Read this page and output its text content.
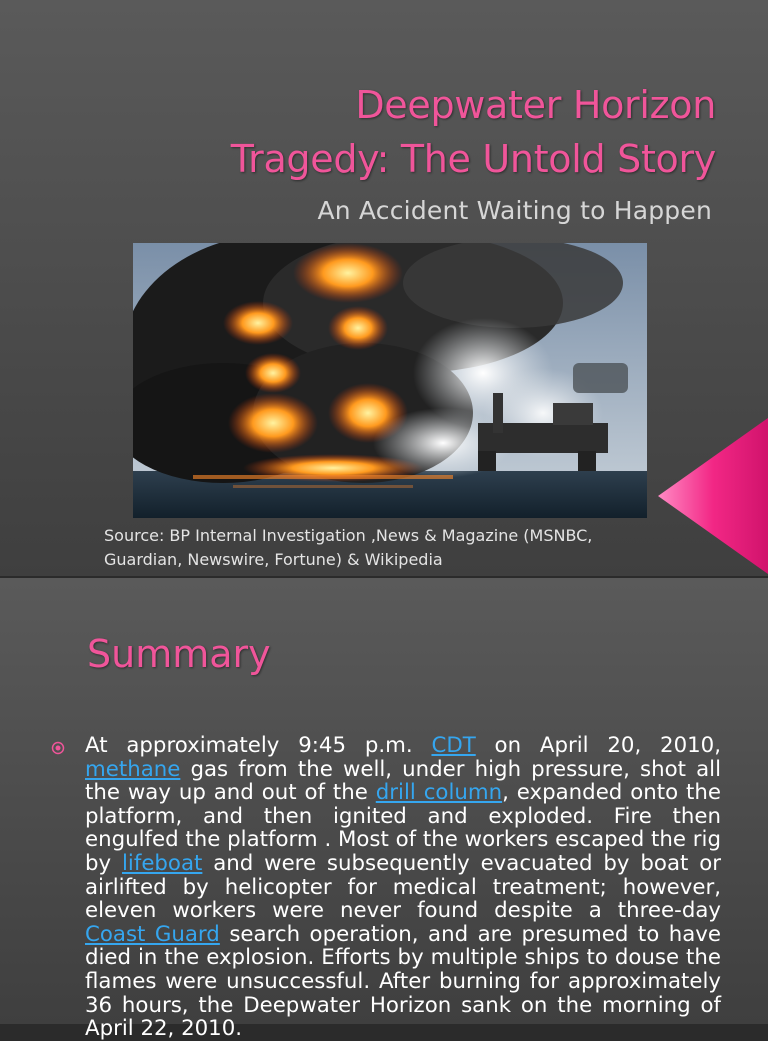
Deepwater Horizon
Tragedy: The Untold Story
An Accident Waiting to Happen
Source: BP Internal Investigation ,News & Magazine (MSNBC,
Guardian, Newswire, Fortune) & Wikipedia
Summary

At approximately 9:45 p.m. CDT on April 20, 2010, methane gas from the well, under high pressure, shot all the way up and out of the drill column, expanded onto the platform, and then ignited and exploded. Fire then engulfed the platform . Most of the workers escaped the rig by lifeboat and were subsequently evacuated by boat or airlifted by helicopter for medical treatment; however, eleven workers were never found despite a three-day Coast Guard search operation, and are presumed to have died in the explosion. Efforts by multiple ships to douse the flames were unsuccessful. After burning for approximately 36 hours, the Deepwater Horizon sank on the morning of April 22, 2010.
